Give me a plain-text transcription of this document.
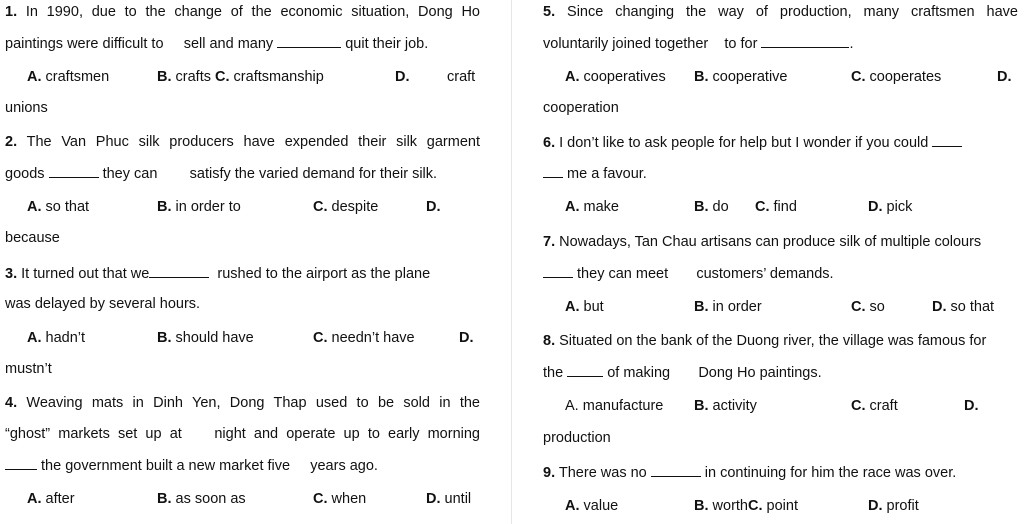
1. In 1990, due to the change of the economic situation, Dong Ho
paintings were difficult to sell and many	quit their job.
A. craftsmen	B. crafts C. craftsmanship	D.	craft
unions
2. The Van Phuc silk producers have expended their silk garment
goods	they can satisfy the varied demand for their silk.
A. so that	B. in order to	C. despite	D.
because
3. It turned out that we	rushed to the airport as the plane
was delayed by several hours.
A. hadn’t	B. should have	C. needn’t have	D.
mustn’t
4. Weaving mats in Dinh Yen, Dong Thap used to be sold in the
“ghost” markets set up at night and operate up to early morning
the government built a new market five years ago.
A. after	B. as soon as	C. when	D. until
5. Since changing the way of production, many craftsmen have
voluntarily joined together to for	.
A. cooperatives B. cooperative	C. cooperates	D.
cooperation
6. I don’t like to ask people for help but I wonder if you could
me a favour.
A. make	B. do C. find	D. pick
7. Nowadays, Tan Chau artisans can produce silk of multiple colours
they can meet customers’ demands.
A. but	B. in order	C. so	D. so that
8. Situated on the bank of the Duong river, the village was famous for
the	of making Dong Ho paintings.
A. manufacture B. activity	C. craft	D.
production
9. There was no	in continuing for him the race was over.
A. value	B. worthC. point	D. profit
